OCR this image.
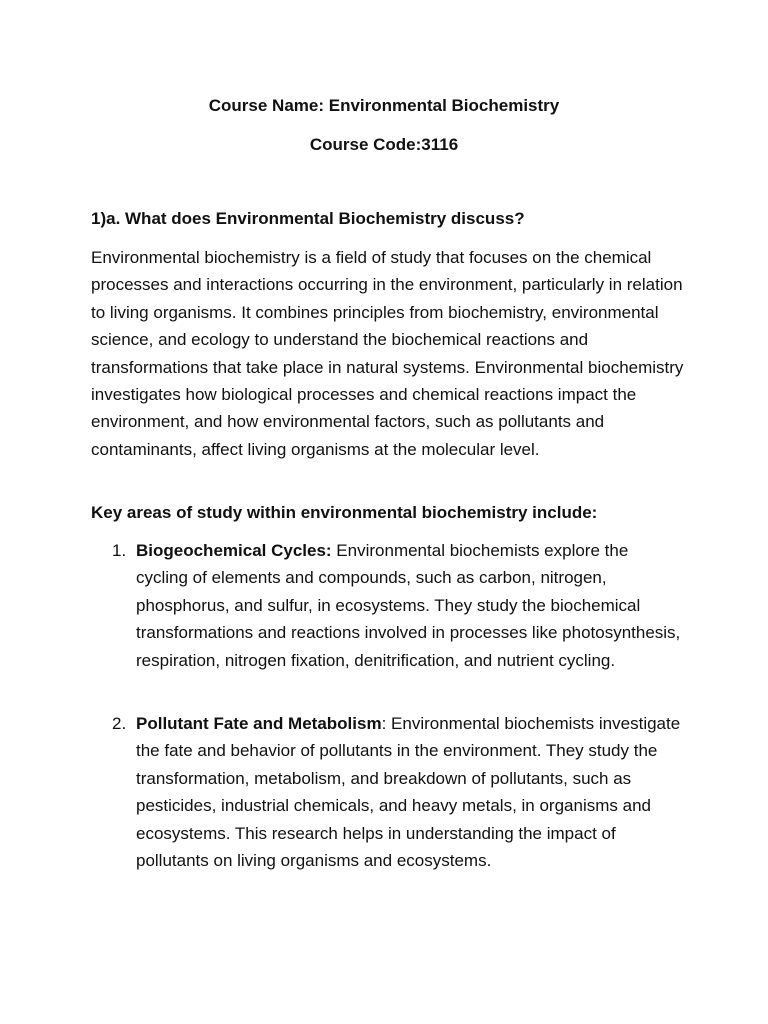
Course Name: Environmental Biochemistry
Course Code:3116
1)a. What does Environmental Biochemistry discuss?
Environmental biochemistry is a field of study that focuses on the chemical processes and interactions occurring in the environment, particularly in relation to living organisms. It combines principles from biochemistry, environmental science, and ecology to understand the biochemical reactions and transformations that take place in natural systems. Environmental biochemistry investigates how biological processes and chemical reactions impact the environment, and how environmental factors, such as pollutants and contaminants, affect living organisms at the molecular level.
Key areas of study within environmental biochemistry include:
1. Biogeochemical Cycles: Environmental biochemists explore the cycling of elements and compounds, such as carbon, nitrogen, phosphorus, and sulfur, in ecosystems. They study the biochemical transformations and reactions involved in processes like photosynthesis, respiration, nitrogen fixation, denitrification, and nutrient cycling.
2. Pollutant Fate and Metabolism: Environmental biochemists investigate the fate and behavior of pollutants in the environment. They study the transformation, metabolism, and breakdown of pollutants, such as pesticides, industrial chemicals, and heavy metals, in organisms and ecosystems. This research helps in understanding the impact of pollutants on living organisms and ecosystems.
